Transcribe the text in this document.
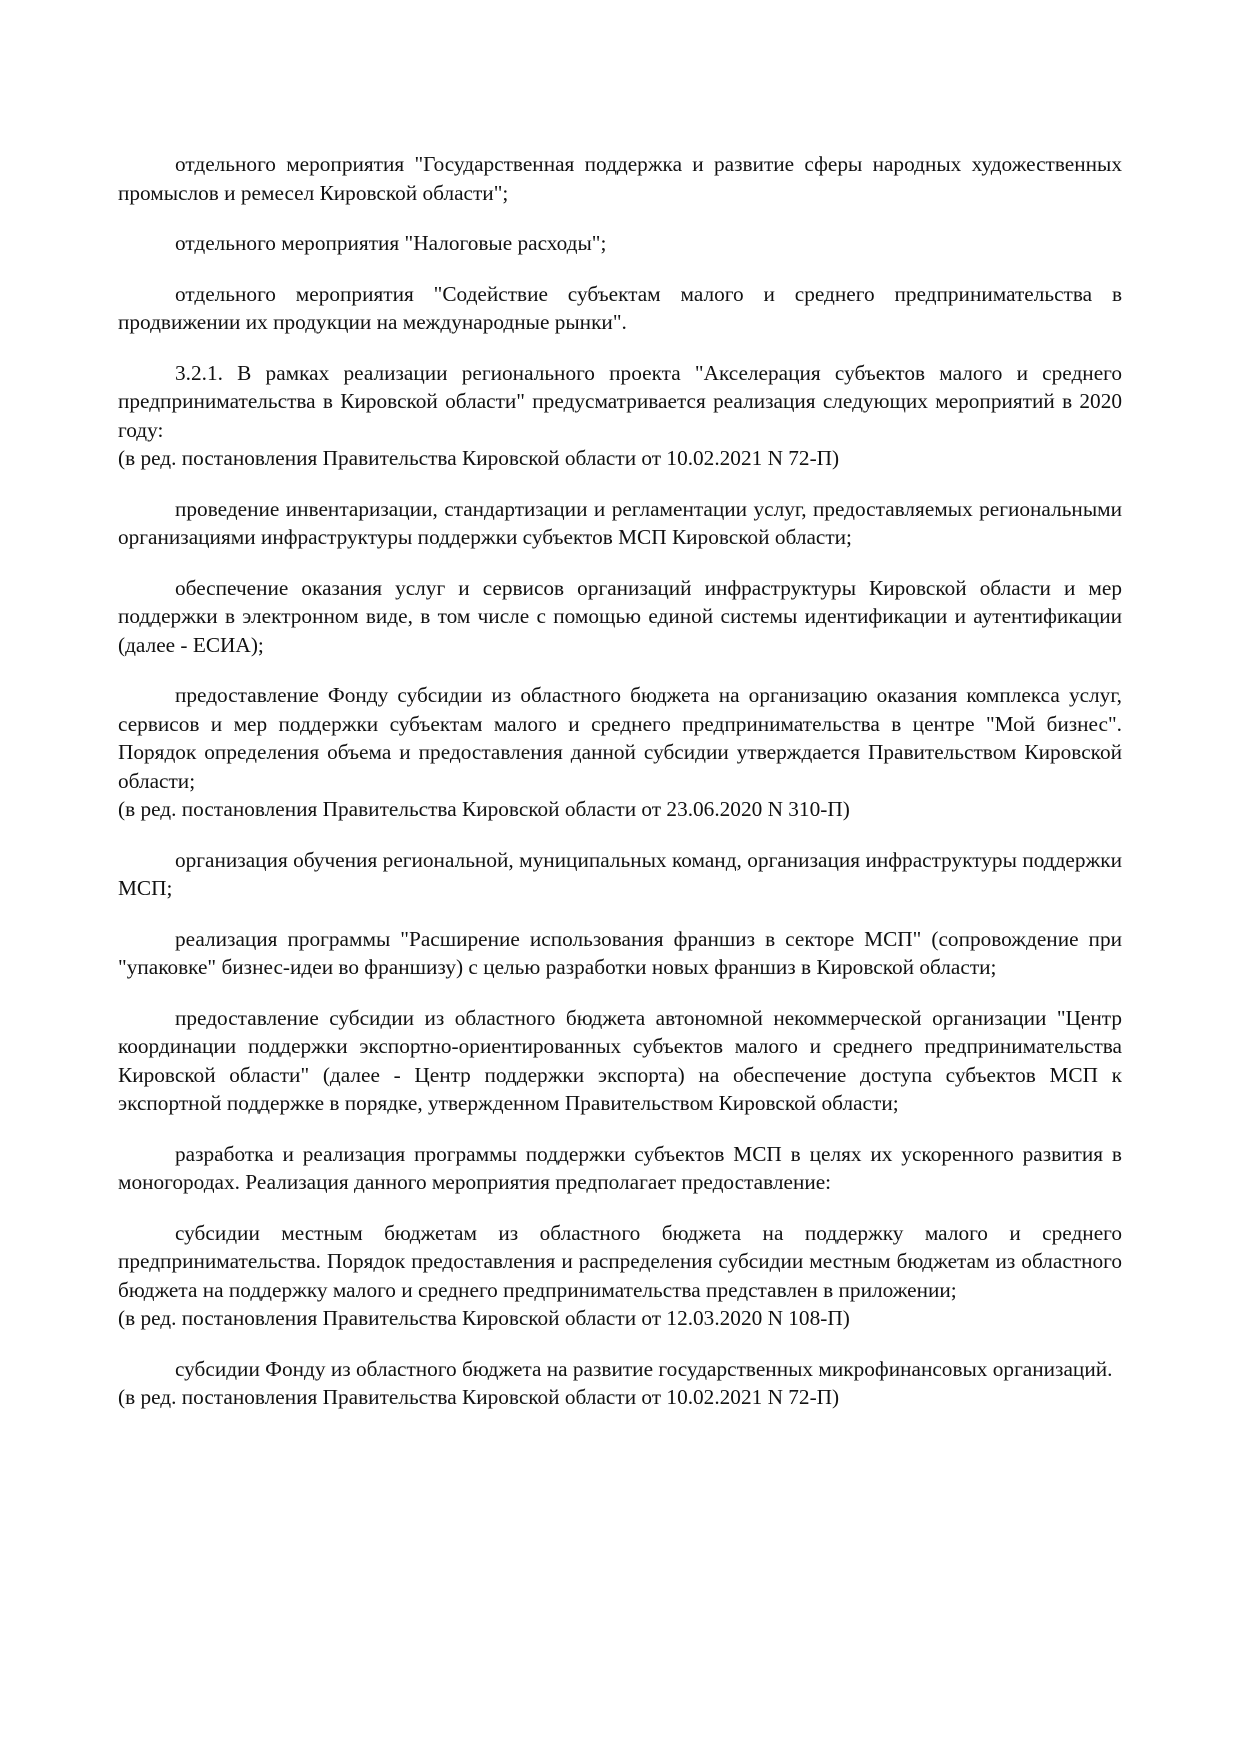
отдельного мероприятия "Государственная поддержка и развитие сферы народных художественных промыслов и ремесел Кировской области";

отдельного мероприятия "Налоговые расходы";

отдельного мероприятия "Содействие субъектам малого и среднего предпринимательства в продвижении их продукции на международные рынки".

3.2.1. В рамках реализации регионального проекта "Акселерация субъектов малого и среднего предпринимательства в Кировской области" предусматривается реализация следующих мероприятий в 2020 году:

(в ред. постановления Правительства Кировской области от 10.02.2021 N 72-П)

проведение инвентаризации, стандартизации и регламентации услуг, предоставляемых региональными организациями инфраструктуры поддержки субъектов МСП Кировской области;

обеспечение оказания услуг и сервисов организаций инфраструктуры Кировской области и мер поддержки в электронном виде, в том числе с помощью единой системы идентификации и аутентификации (далее - ЕСИА);

предоставление Фонду субсидии из областного бюджета на организацию оказания комплекса услуг, сервисов и мер поддержки субъектам малого и среднего предпринимательства в центре "Мой бизнес". Порядок определения объема и предоставления данной субсидии утверждается Правительством Кировской области;

(в ред. постановления Правительства Кировской области от 23.06.2020 N 310-П)

организация обучения региональной, муниципальных команд, организация инфраструктуры поддержки МСП;

реализация программы "Расширение использования франшиз в секторе МСП" (сопровождение при "упаковке" бизнес-идеи во франшизу) с целью разработки новых франшиз в Кировской области;

предоставление субсидии из областного бюджета автономной некоммерческой организации "Центр координации поддержки экспортно-ориентированных субъектов малого и среднего предпринимательства Кировской области" (далее - Центр поддержки экспорта) на обеспечение доступа субъектов МСП к экспортной поддержке в порядке, утвержденном Правительством Кировской области;

разработка и реализация программы поддержки субъектов МСП в целях их ускоренного развития в моногородах. Реализация данного мероприятия предполагает предоставление:

субсидии местным бюджетам из областного бюджета на поддержку малого и среднего предпринимательства. Порядок предоставления и распределения субсидии местным бюджетам из областного бюджета на поддержку малого и среднего предпринимательства представлен в приложении;

(в ред. постановления Правительства Кировской области от 12.03.2020 N 108-П)

субсидии Фонду из областного бюджета на развитие государственных микрофинансовых организаций.

(в ред. постановления Правительства Кировской области от 10.02.2021 N 72-П)
